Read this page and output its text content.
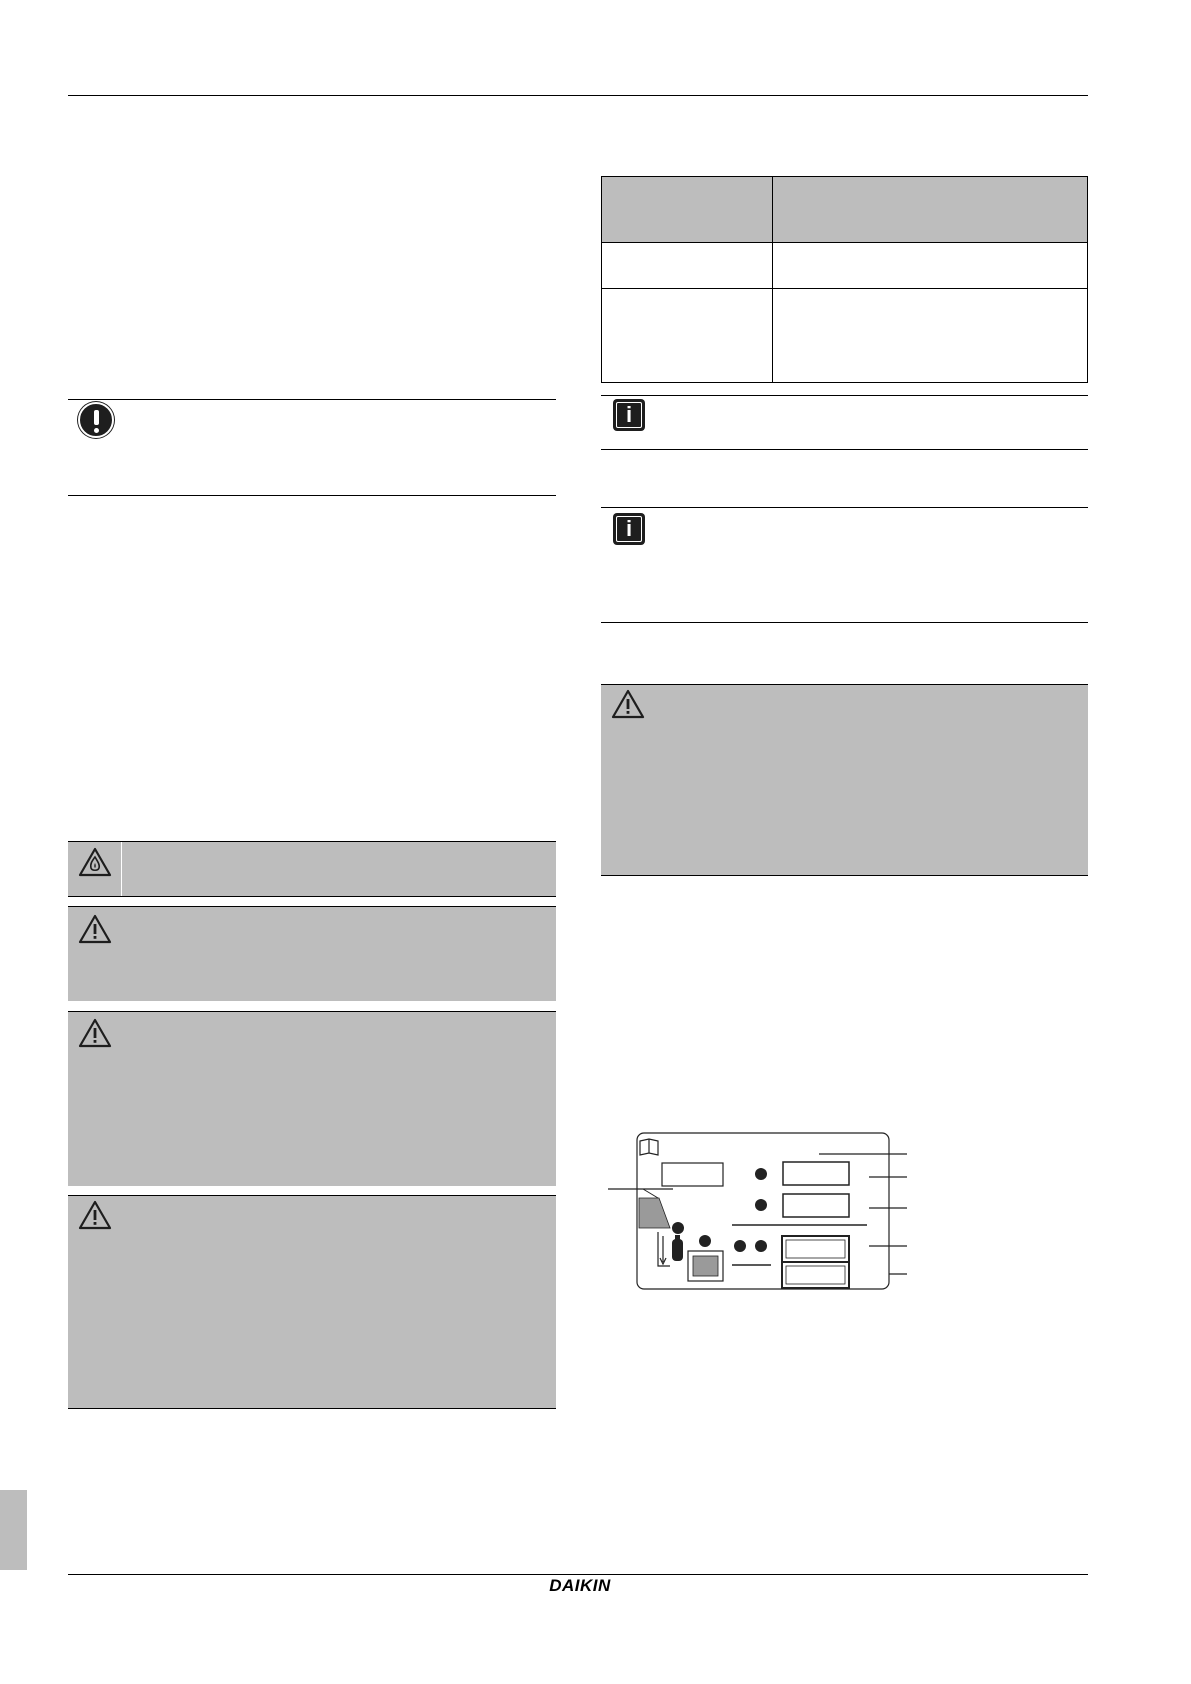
i
i
DAIKIN
